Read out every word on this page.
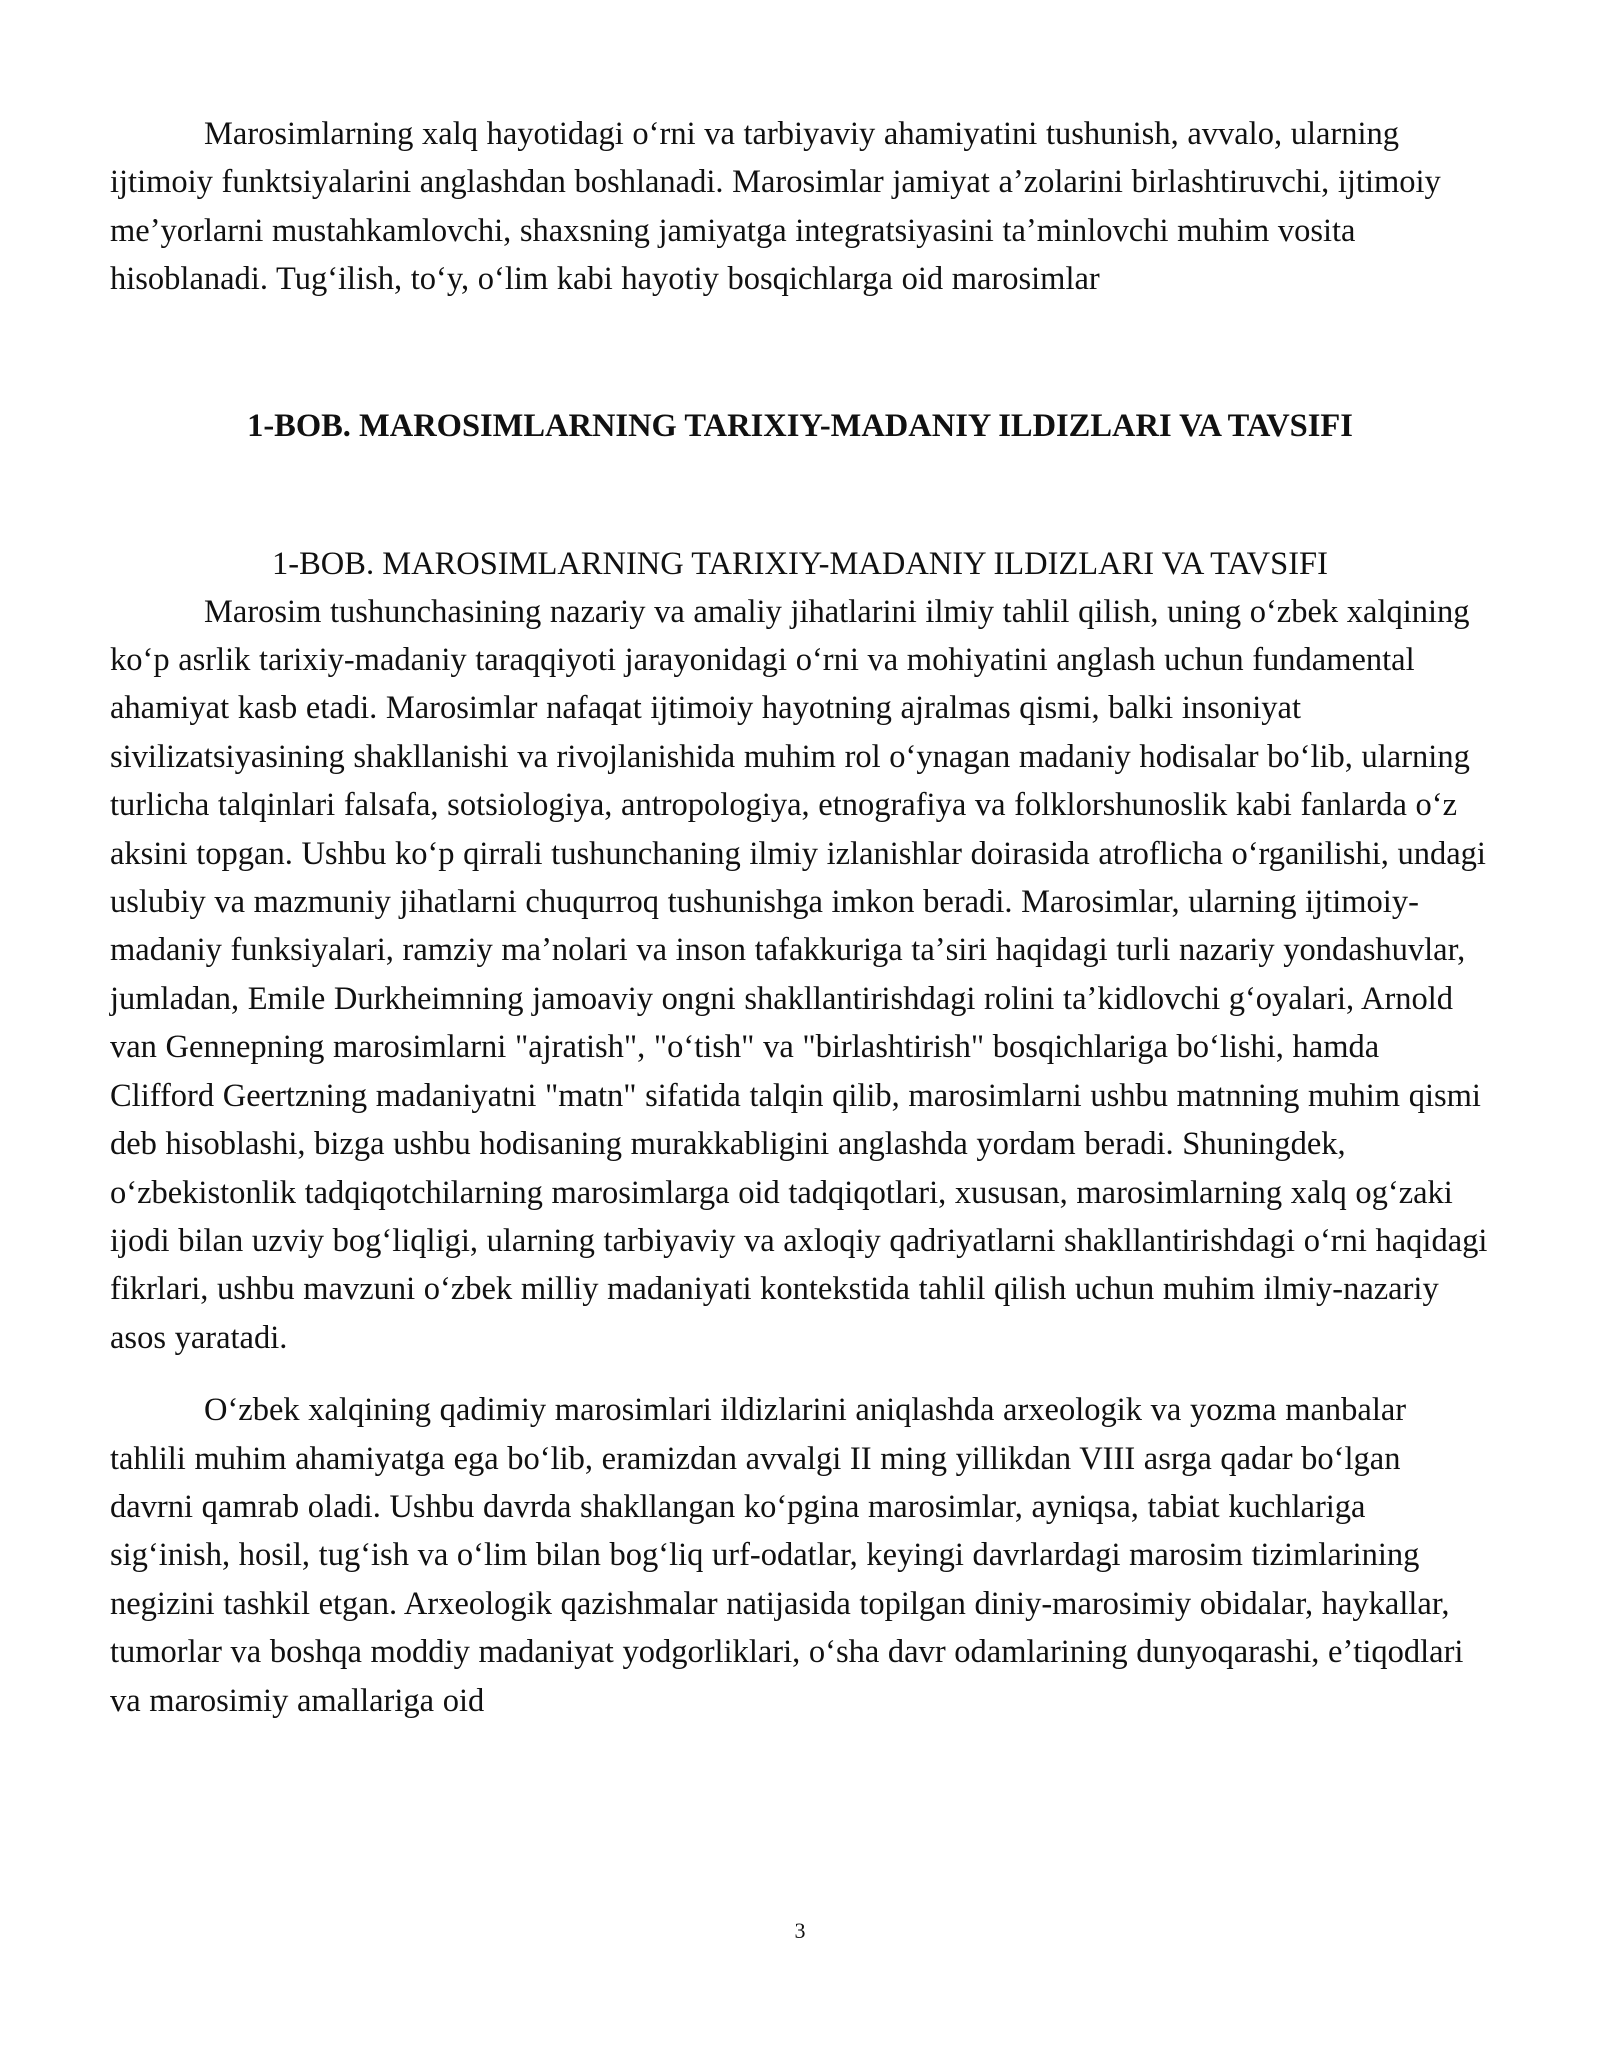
Marosimlarning xalq hayotidagi oʻrni va tarbiyaviy ahamiyatini tushunish, avvalo, ularning ijtimoiy funktsiyalarini anglashdan boshlanadi. Marosimlar jamiyat aʼzolarini birlashtiruvchi, ijtimoiy meʼyorlarni mustahkamlovchi, shaxsning jamiyatga integratsiyasini taʼminlovchi muhim vosita hisoblanadi. Tugʻilish, toʻy, oʻlim kabi hayotiy bosqichlarga oid marosimlar

1-BOB. MAROSIMLARNING TARIXIY-MADANIY ILDIZLARI VA TAVSIFI
1-BOB. MAROSIMLARNING TARIXIY-MADANIY ILDIZLARI VA TAVSIFI

Marosim tushunchasining nazariy va amaliy jihatlarini ilmiy tahlil qilish, uning oʻzbek xalqining koʻp asrlik tarixiy-madaniy taraqqiyoti jarayonidagi oʻrni va mohiyatini anglash uchun fundamental ahamiyat kasb etadi. Marosimlar nafaqat ijtimoiy hayotning ajralmas qismi, balki insoniyat sivilizatsiyasining shakllanishi va rivojlanishida muhim rol oʻynagan madaniy hodisalar boʻlib, ularning turlicha talqinlari falsafa, sotsiologiya, antropologiya, etnografiya va folklorshunoslik kabi fanlarda oʻz aksini topgan. Ushbu koʻp qirrali tushunchaning ilmiy izlanishlar doirasida atroflicha oʻrganilishi, undagi uslubiy va mazmuniy jihatlarni chuqurroq tushunishga imkon beradi. Marosimlar, ularning ijtimoiy-madaniy funksiyalari, ramziy maʼnolari va inson tafakkuriga taʼsiri haqidagi turli nazariy yondashuvlar, jumladan, Emile Durkheimning jamoaviy ongni shakllantirishdagi rolini taʼkidlovchi gʻoyalari, Arnold van Gennepning marosimlarni "ajratish", "oʻtish" va "birlashtirish" bosqichlariga boʻlishi, hamda Clifford Geertzning madaniyatni "matn" sifatida talqin qilib, marosimlarni ushbu matnning muhim qismi deb hisoblashi, bizga ushbu hodisaning murakkabligini anglashda yordam beradi. Shuningdek, oʻzbekistonlik tadqiqotchilarning marosimlarga oid tadqiqotlari, xususan, marosimlarning xalq ogʻzaki ijodi bilan uzviy bogʻliqligi, ularning tarbiyaviy va axloqiy qadriyatlarni shakllantirishdagi oʻrni haqidagi fikrlari, ushbu mavzuni oʻzbek milliy madaniyati kontekstida tahlil qilish uchun muhim ilmiy-nazariy asos yaratadi.

Oʻzbek xalqining qadimiy marosimlari ildizlarini aniqlashda arxeologik va yozma manbalar tahlili muhim ahamiyatga ega boʻlib, eramizdan avvalgi II ming yillikdan VIII asrga qadar boʻlgan davrni qamrab oladi. Ushbu davrda shakllangan koʻpgina marosimlar, ayniqsa, tabiat kuchlariga sigʻinish, hosil, tugʻish va oʻlim bilan bogʻliq urf-odatlar, keyingi davrlardagi marosim tizimlarining negizini tashkil etgan. Arxeologik qazishmalar natijasida topilgan diniy-marosimiy obidalar, haykallar, tumorlar va boshqa moddiy madaniyat yodgorliklari, oʻsha davr odamlarining dunyoqarashi, eʼtiqodlari va marosimiy amallariga oid

3
